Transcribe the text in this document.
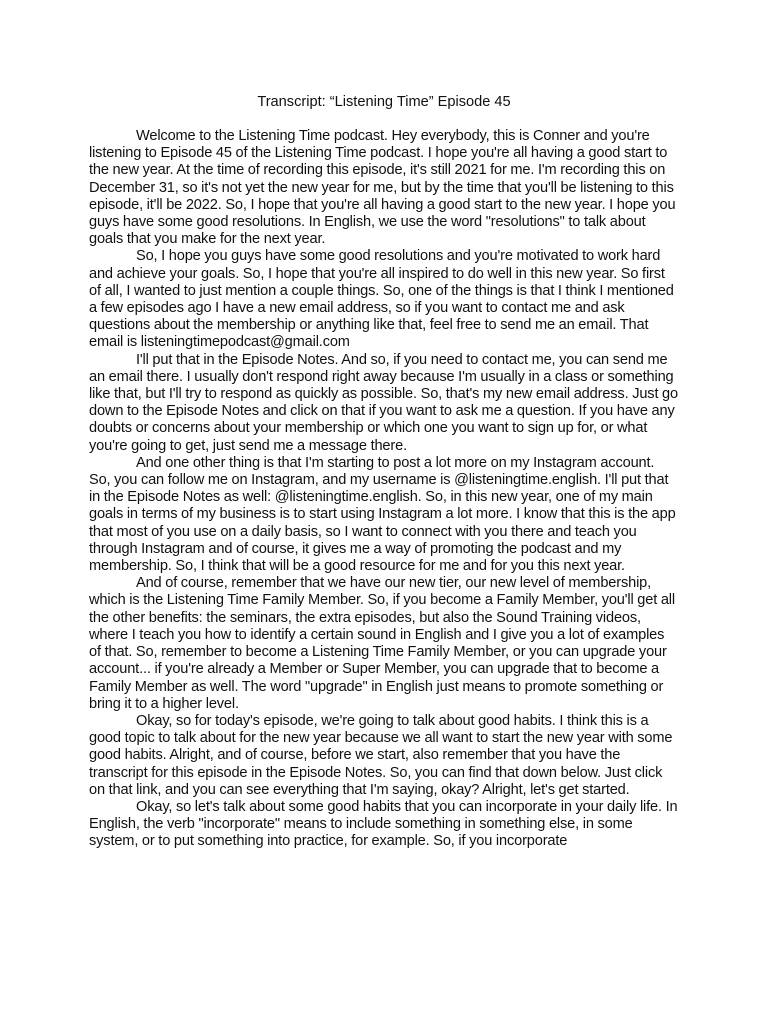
Transcript: “Listening Time” Episode 45

Welcome to the Listening Time podcast. Hey everybody, this is Conner and you're listening to Episode 45 of the Listening Time podcast. I hope you're all having a good start to the new year. At the time of recording this episode, it's still 2021 for me. I'm recording this on December 31, so it's not yet the new year for me, but by the time that you'll be listening to this episode, it'll be 2022. So, I hope that you're all having a good start to the new year. I hope you guys have some good resolutions. In English, we use the word "resolutions" to talk about goals that you make for the next year.

So, I hope you guys have some good resolutions and you're motivated to work hard and achieve your goals. So, I hope that you're all inspired to do well in this new year. So first of all, I wanted to just mention a couple things. So, one of the things is that I think I mentioned a few episodes ago I have a new email address, so if you want to contact me and ask questions about the membership or anything like that, feel free to send me an email. That email is listeningtimepodcast@gmail.com

I'll put that in the Episode Notes. And so, if you need to contact me, you can send me an email there. I usually don't respond right away because I'm usually in a class or something like that, but I'll try to respond as quickly as possible. So, that's my new email address. Just go down to the Episode Notes and click on that if you want to ask me a question. If you have any doubts or concerns about your membership or which one you want to sign up for, or what you're going to get, just send me a message there.

And one other thing is that I'm starting to post a lot more on my Instagram account. So, you can follow me on Instagram, and my username is @listeningtime.english. I'll put that in the Episode Notes as well: @listeningtime.english. So, in this new year, one of my main goals in terms of my business is to start using Instagram a lot more. I know that this is the app that most of you use on a daily basis, so I want to connect with you there and teach you through Instagram and of course, it gives me a way of promoting the podcast and my membership. So, I think that will be a good resource for me and for you this next year.

And of course, remember that we have our new tier, our new level of membership, which is the Listening Time Family Member. So, if you become a Family Member, you'll get all the other benefits: the seminars, the extra episodes, but also the Sound Training videos, where I teach you how to identify a certain sound in English and I give you a lot of examples of that. So, remember to become a Listening Time Family Member, or you can upgrade your account... if you're already a Member or Super Member, you can upgrade that to become a Family Member as well. The word "upgrade" in English just means to promote something or bring it to a higher level.

Okay, so for today's episode, we're going to talk about good habits. I think this is a good topic to talk about for the new year because we all want to start the new year with some good habits. Alright, and of course, before we start, also remember that you have the transcript for this episode in the Episode Notes. So, you can find that down below. Just click on that link, and you can see everything that I'm saying, okay? Alright, let's get started.

Okay, so let's talk about some good habits that you can incorporate in your daily life. In English, the verb "incorporate" means to include something in something else, in some system, or to put something into practice, for example. So, if you incorporate
